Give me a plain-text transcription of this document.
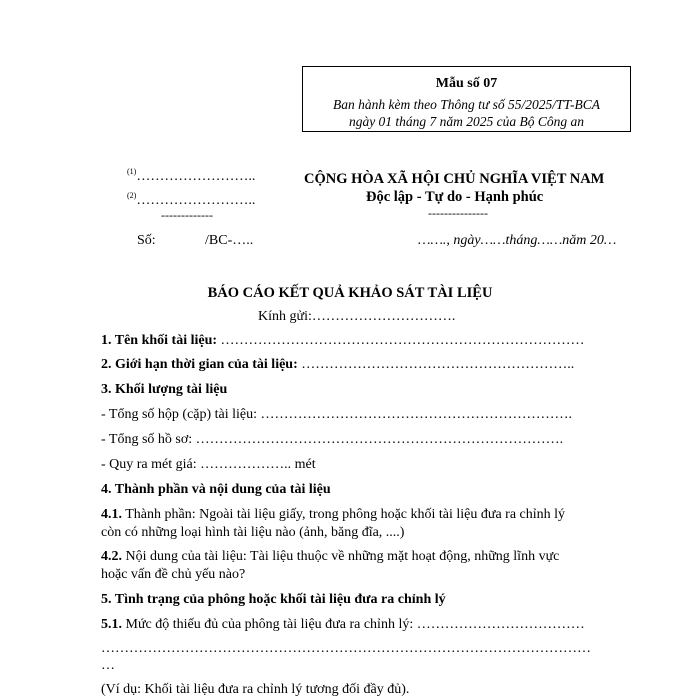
Mẫu số 07
Ban hành kèm theo Thông tư số 55/2025/TT-BCA
ngày 01 tháng 7 năm 2025 của Bộ Công an
$^{(1)}$……………………..
$^{(2)}$……………………..
-------------
CỘNG HÒA XÃ HỘI CHỦ NGHĨA VIỆT NAM
Độc lập - Tự do - Hạnh phúc
---------------
Số:	/BC-…..	……., ngày……tháng……năm 20…
BÁO CÁO KẾT QUẢ KHẢO SÁT TÀI LIỆU
Kính gửi:………………………….
1. Tên khối tài liệu: ……………………………………………………………………
2. Giới hạn thời gian của tài liệu: …………………………………………………..
3. Khối lượng tài liệu
- Tổng số hộp (cặp) tài liệu: ………………………………………………………….
- Tổng số hồ sơ: …………………………………………………………………….
- Quy ra mét giá: ……………….. mét
4. Thành phần và nội dung của tài liệu
4.1. Thành phần: Ngoài tài liệu giấy, trong phông hoặc khối tài liệu đưa ra chỉnh lý
còn có những loại hình tài liệu nào (ảnh, băng đĩa, ....)
4.2. Nội dung của tài liệu: Tài liệu thuộc về những mặt hoạt động, những lĩnh vực
hoặc vấn đề chủ yếu nào?
5. Tình trạng của phông hoặc khối tài liệu đưa ra chỉnh lý
5.1. Mức độ thiếu đủ của phông tài liệu đưa ra chỉnh lý: ………………………………
……………………………………………………………………………………………
…
(Ví dụ: Khối tài liệu đưa ra chỉnh lý tương đối đầy đủ).
